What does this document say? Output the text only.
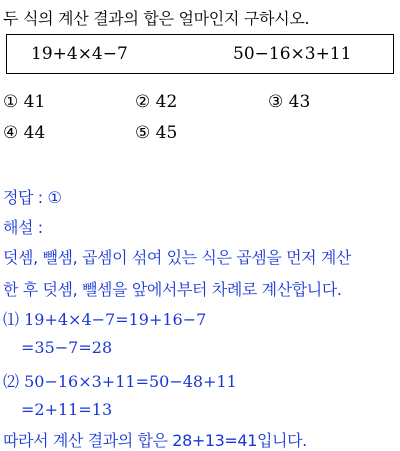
두 식의 계산 결과의 합은 얼마인지 구하시오.
19+4×4−7	50−16×3+11
① 41	② 42	③ 43
④ 44	⑤ 45
정답 : ①
해설 :
덧셈, 뺄셈, 곱셈이 섞여 있는 식은 곱셈을 먼저 계산
한 후 덧셈, 뺄셈을 앞에서부터 차례로 계산합니다.
⑴ 19+4×4−7=19+16−7
=35−7=28
⑵ 50−16×3+11=50−48+11
=2+11=13
따라서 계산 결과의 합은 28+13=41입니다.
